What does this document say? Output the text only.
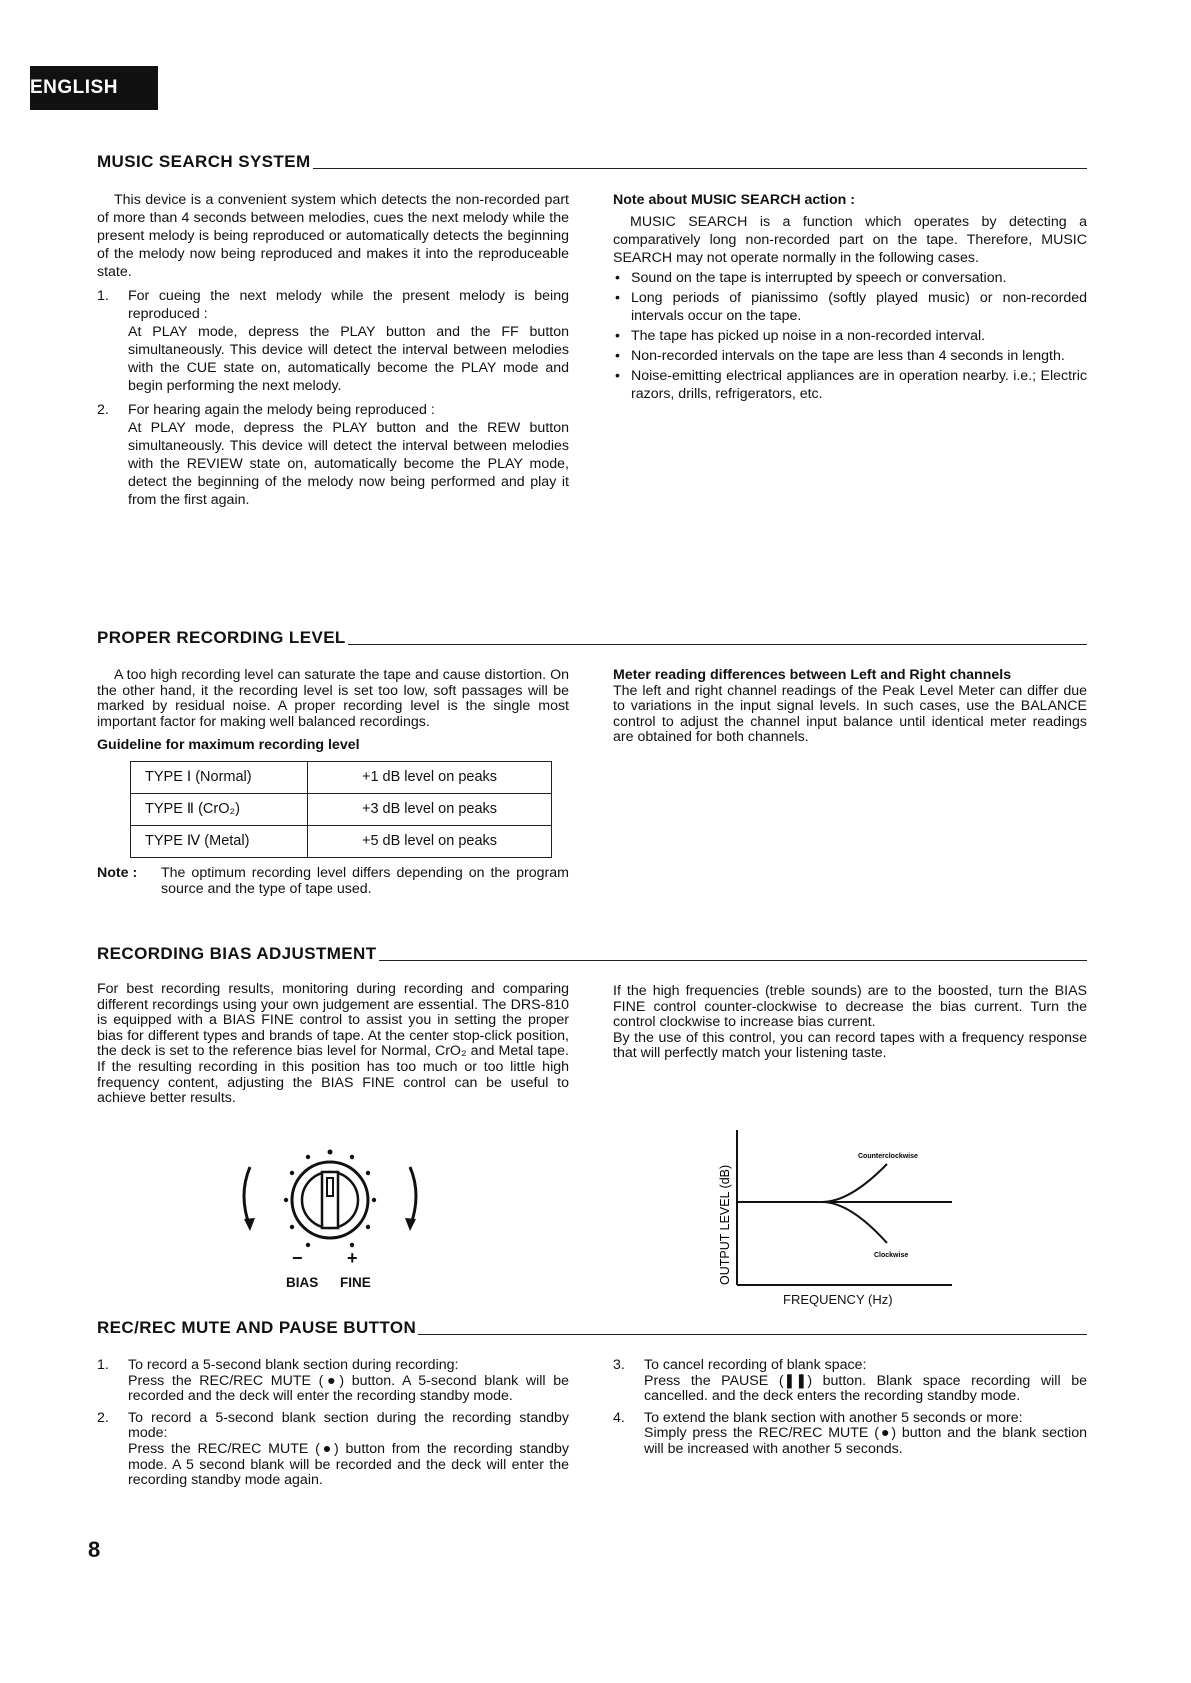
ENGLISH
MUSIC SEARCH SYSTEM

This device is a convenient system which detects the non-recorded part of more than 4 seconds between melodies, cues the next melody while the present melody is being reproduced or automatically detects the beginning of the melody now being reproduced and makes it into the reproduceable state.

1.	For cueing the next melody while the present melody is being reproduced :

At PLAY mode, depress the PLAY button and the FF button simultaneously. This device will detect the interval between melodies with the CUE state on, automatically become the PLAY mode and begin performing the next melody.

2.	For hearing again the melody being reproduced :

At PLAY mode, depress the PLAY button and the REW button simultaneously. This device will detect the interval between melodies with the REVIEW state on, automatically become the PLAY mode, detect the beginning of the melody now being performed and play it from the first again.

Note about MUSIC SEARCH action :

MUSIC SEARCH is a function which operates by detecting a comparatively long non-recorded part on the tape. Therefore, MUSIC SEARCH may not operate normally in the following cases.

• Sound on the tape is interrupted by speech or conversation.
• Long periods of pianissimo (softly played music) or non-recorded intervals occur on the tape.
• The tape has picked up noise in a non-recorded interval.
• Non-recorded intervals on the tape are less than 4 seconds in length.
• Noise-emitting electrical appliances are in operation nearby. i.e.; Electric razors, drills, refrigerators, etc.
PROPER RECORDING LEVEL

A too high recording level can saturate the tape and cause distortion. On the other hand, it the recording level is set too low, soft passages will be marked by residual noise. A proper recording level is the single most important factor for making well balanced recordings.

Guideline for maximum recording level

TYPE Ⅰ (Normal)	+1 dB level on peaks
TYPE Ⅱ (CrO₂)	+3 dB level on peaks
TYPE Ⅳ (Metal)	+5 dB level on peaks
Note :	The optimum recording level differs depending on the program source and the type of tape used.

Meter reading differences between Left and Right channels

The left and right channel readings of the Peak Level Meter can differ due to variations in the input signal levels. In such cases, use the BALANCE control to adjust the channel input balance until identical meter readings are obtained for both channels.

RECORDING BIAS ADJUSTMENT

For best recording results, monitoring during recording and comparing different recordings using your own judgement are essential. The DRS-810 is equipped with a BIAS FINE control to assist you in setting the proper bias for different types and brands of tape. At the center stop-click position, the deck is set to the reference bias level for Normal, CrO₂ and Metal tape. If the resulting recording in this position has too much or too little high frequency content, adjusting the BIAS FINE control can be useful to achieve better results.

If the high frequencies (treble sounds) are to the boosted, turn the BIAS FINE control counter-clockwise to decrease the bias current. Turn the control clockwise to increase bias current.

By the use of this control, you can record tapes with a frequency response that will perfectly match your listening taste.

− +
BIAS FINE
Counterclockwise
Clockwise
OUTPUT LEVEL (dB)
FREQUENCY (Hz)
REC/REC MUTE AND PAUSE BUTTON
1.	To record a 5-second blank section during recording:

Press the REC/REC MUTE (●) button. A 5-second blank will be recorded and the deck will enter the recording standby mode.

2.	To record a 5-second blank section during the recording standby mode:

Press the REC/REC MUTE (●) button from the recording standby mode. A 5 second blank will be recorded and the deck will enter the recording standby mode again.

3.	To cancel recording of blank space:

Press the PAUSE (❚❚) button. Blank space recording will be cancelled. and the deck enters the recording standby mode.

4.	To extend the blank section with another 5 seconds or more:

Simply press the REC/REC MUTE (●) button and the blank section will be increased with another 5 seconds.

8
